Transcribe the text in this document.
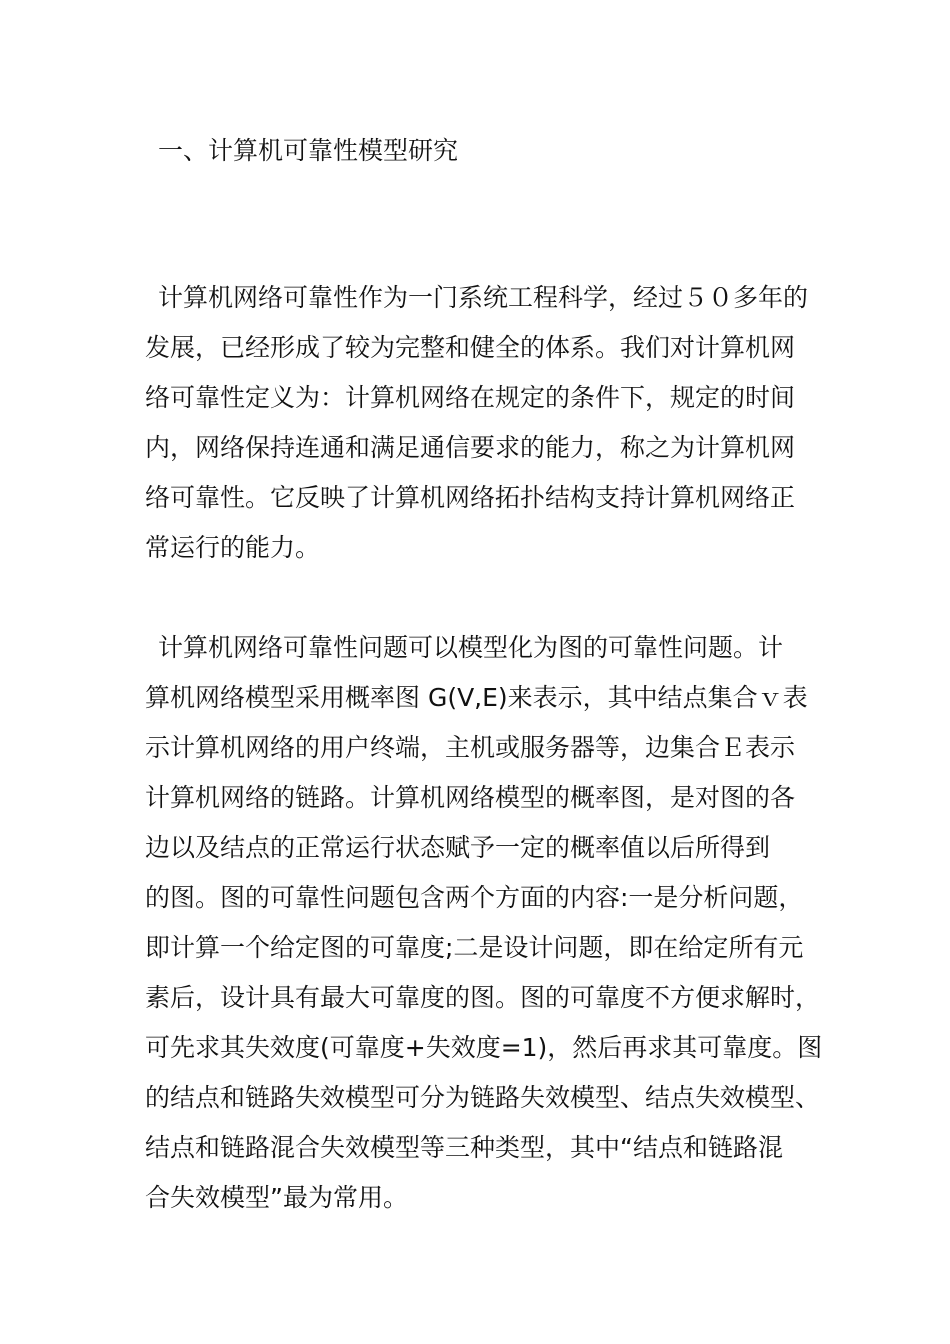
一、计算机可靠性模型研究
计算机网络可靠性作为一门系统工程科学，经过５０多年的
发展，已经形成了较为完整和健全的体系。我们对计算机网
络可靠性定义为：计算机网络在规定的条件下，规定的时间
内，网络保持连通和满足通信要求的能力，称之为计算机网
络可靠性。它反映了计算机网络拓扑结构支持计算机网络正
常运行的能力。
计算机网络可靠性问题可以模型化为图的可靠性问题。计
算机网络模型采用概率图 G(V,E)来表示，其中结点集合ｖ表
示计算机网络的用户终端，主机或服务器等，边集合Ｅ表示
计算机网络的链路。计算机网络模型的概率图，是对图的各
边以及结点的正常运行状态赋予一定的概率值以后所得到
的图。图的可靠性问题包含两个方面的内容:一是分析问题，
即计算一个给定图的可靠度;二是设计问题，即在给定所有元
素后，设计具有最大可靠度的图。图的可靠度不方便求解时，
可先求其失效度(可靠度+失效度=1)，然后再求其可靠度。图
的结点和链路失效模型可分为链路失效模型、结点失效模型、
结点和链路混合失效模型等三种类型，其中“结点和链路混
合失效模型”最为常用。
